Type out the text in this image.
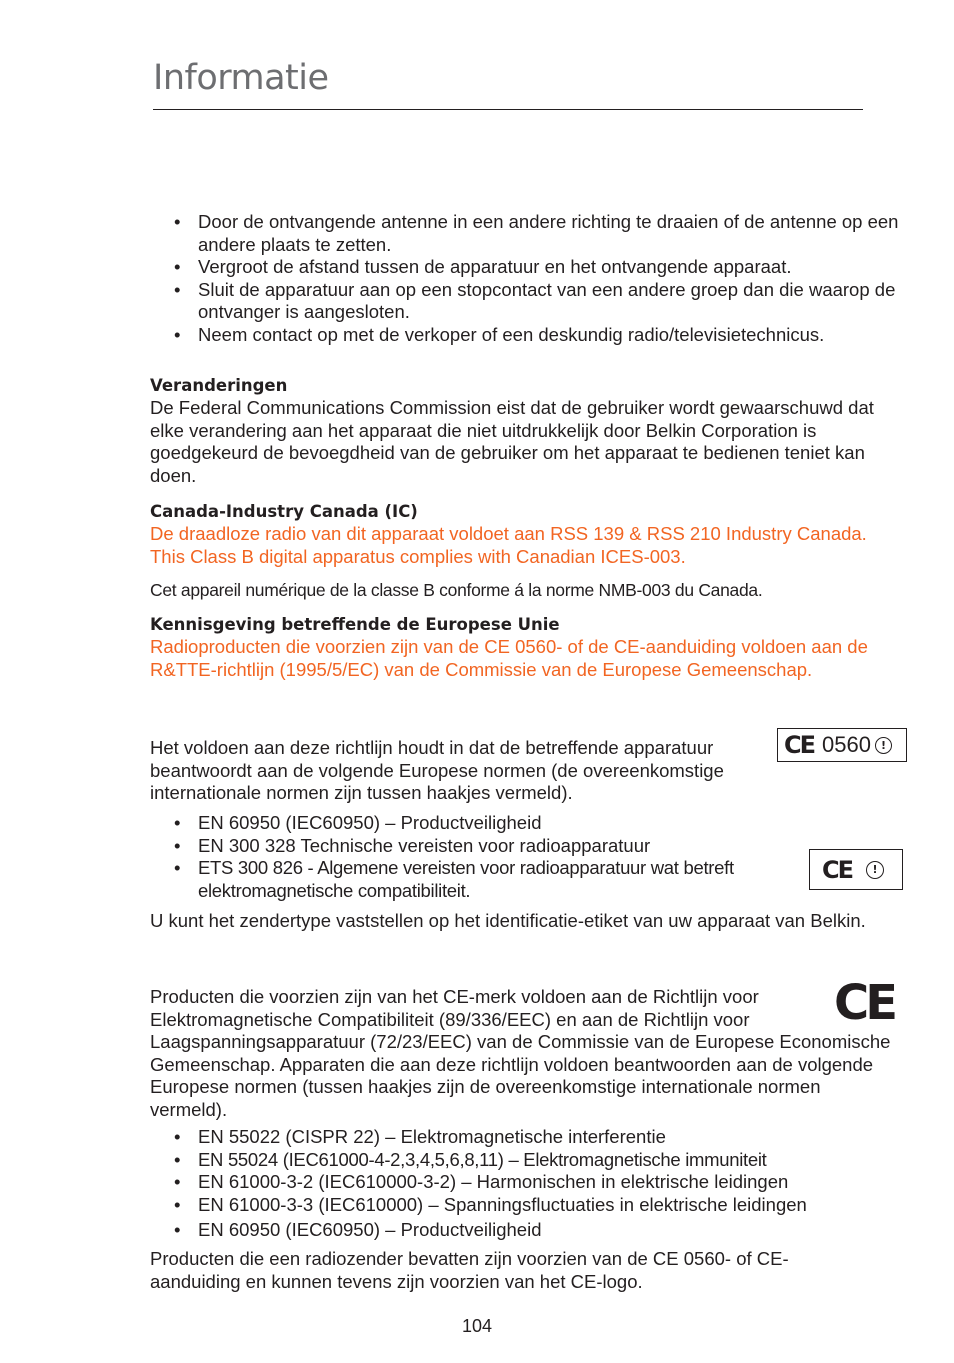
Informatie
• Door de ontvangende antenne in een andere richting te draaien of de antenne op een andere plaats te zetten.
• Vergroot de afstand tussen de apparatuur en het ontvangende apparaat.
• Sluit de apparatuur aan op een stopcontact van een andere groep dan die waarop de ontvanger is aangesloten.
• Neem contact op met de verkoper of een deskundig radio/televisietechnicus.

Veranderingen

De Federal Communications Commission eist dat de gebruiker wordt gewaarschuwd dat elke verandering aan het apparaat die niet uitdrukkelijk door Belkin Corporation is goedgekeurd de bevoegdheid van de gebruiker om het apparaat te bedienen teniet kan doen.

Canada-Industry Canada (IC)

De draadloze radio van dit apparaat voldoet aan RSS 139 & RSS 210 Industry Canada. This Class B digital apparatus complies with Canadian ICES-003.

Cet appareil numérique de la classe B conforme á la norme NMB-003 du Canada.

Kennisgeving betreffende de Europese Unie

Radioproducten die voorzien zijn van de CE 0560- of de CE-aanduiding voldoen aan de R&TTE-richtlijn (1995/5/EC) van de Commissie van de Europese Gemeenschap.

Het voldoen aan deze richtlijn houdt in dat de betreffende apparatuur beantwoordt aan de volgende Europese normen (de overeenkomstige internationale normen zijn tussen haakjes vermeld).

CE 0560 !
• EN 60950 (IEC60950) – Productveiligheid
• EN 300 328 Technische vereisten voor radioapparatuur
• ETS 300 826 - Algemene vereisten voor radioapparatuur wat betreft elektromagnetische compatibiliteit.
CE	!

U kunt het zendertype vaststellen op het identificatie-etiket van uw apparaat van Belkin.

CE

Producten die voorzien zijn van het CE-merk voldoen aan de Richtlijn voor Elektromagnetische Compatibiliteit (89/336/EEC) en aan de Richtlijn voor Laagspanningsapparatuur (72/23/EEC) van de Commissie van de Europese Economische Gemeenschap. Apparaten die aan deze richtlijn voldoen beantwoorden aan de volgende Europese normen (tussen haakjes zijn de overeenkomstige internationale normen vermeld).

• EN 55022 (CISPR 22) – Elektromagnetische interferentie
• EN 55024 (IEC61000-4-2,3,4,5,6,8,11) – Elektromagnetische immuniteit
• EN 61000-3-2 (IEC610000-3-2) – Harmonischen in elektrische leidingen
• EN 61000-3-3 (IEC610000) – Spanningsfluctuaties in elektrische leidingen
• EN 60950 (IEC60950) – Productveiligheid

Producten die een radiozender bevatten zijn voorzien van de CE 0560- of CE-aanduiding en kunnen tevens zijn voorzien van het CE-logo.

104
